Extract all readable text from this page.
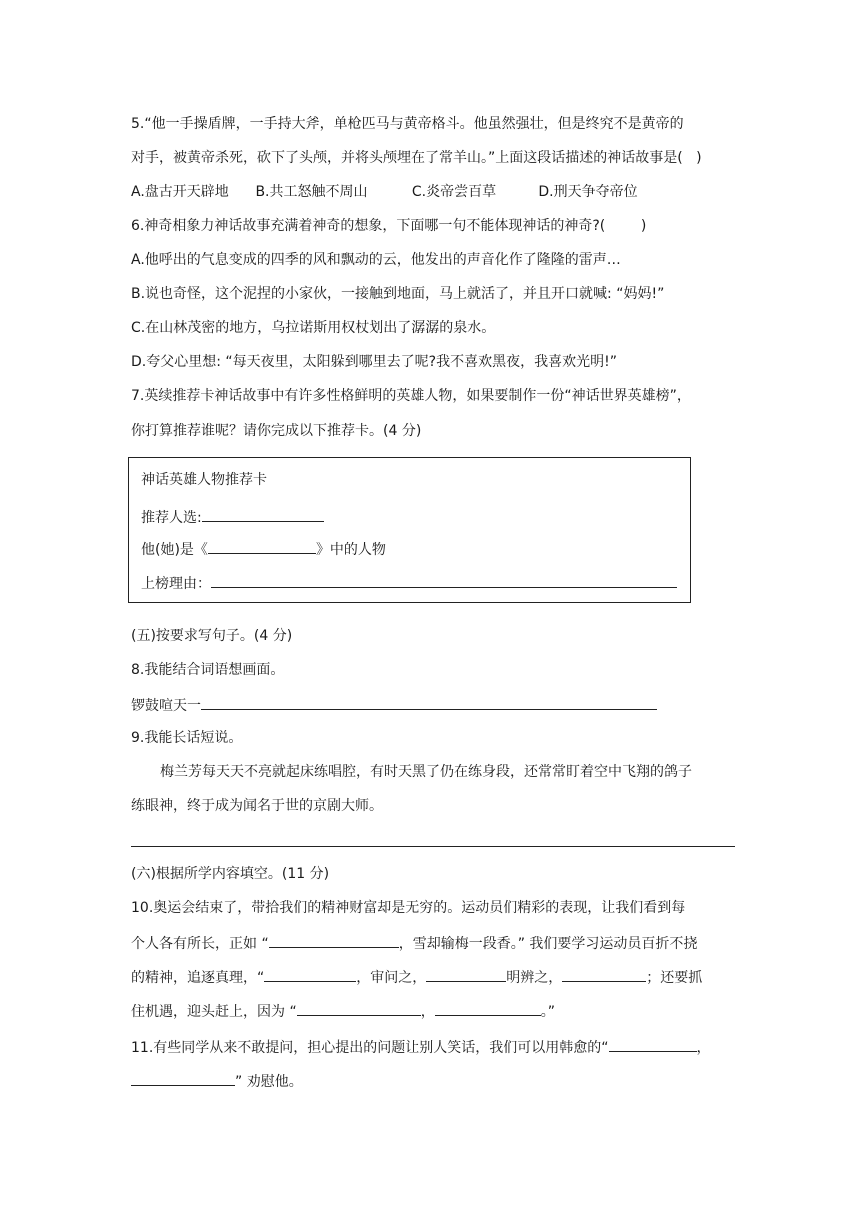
5.“他一手操盾牌，一手持大斧，单枪匹马与黄帝格斗。他虽然强壮，但是终究不是黄帝的
对手，被黄帝杀死，砍下了头颅，并将头颅埋在了常羊山。”上面这段话描述的神话故事是(   )
A.盘古开天辟地 B.共工怒触不周山	C.炎帝尝百草	D.刑天争夺帝位
6.神奇相象力神话故事充满着神奇的想象，下面哪一句不能体现神话的神奇?(        )
A.他呼出的气息变成的四季的风和飘动的云，他发出的声音化作了隆隆的雷声…
B.说也奇怪，这个泥捏的小家伙，一接触到地面，马上就活了，并且开口就喊: “妈妈!”
C.在山林茂密的地方，乌拉诺斯用权杖划出了潺潺的泉水。
D.夸父心里想: “每天夜里，太阳躲到哪里去了呢?我不喜欢黑夜，我喜欢光明!”
7.英续推荐卡神话故事中有许多性格鲜明的英雄人物，如果要制作一份“神话世界英雄榜”，
你打算推荐谁呢？请你完成以下推荐卡。(4 分)
神话英雄人物推荐卡
推荐人选:
他(她)是《	》中的人物
上榜理由：
(五)按要求写句子。(4 分)
8.我能结合词语想画面。
锣鼓喧天一
9.我能长话短说。
梅兰芳每天天不亮就起床练唱腔，有时天黑了仍在练身段，还常常盯着空中飞翔的鸽子
练眼神，终于成为闻名于世的京剧大师。
(六)根据所学内容填空。(11 分)
10.奥运会结束了，带拾我们的精神财富却是无穷的。运动员们精彩的表现，让我们看到每
个人各有所长，正如 “	，雪却输梅一段香。” 我们要学习运动员百折不挠
的精神，追逐真理，“	，审问之，	明辨之，	；还要抓
住机遇，迎头赶上，因为 “	，	。”
11.有些同学从来不敢提问，担心提出的问题让别人笑话，我们可以用韩愈的“	，
” 劝慰他。
